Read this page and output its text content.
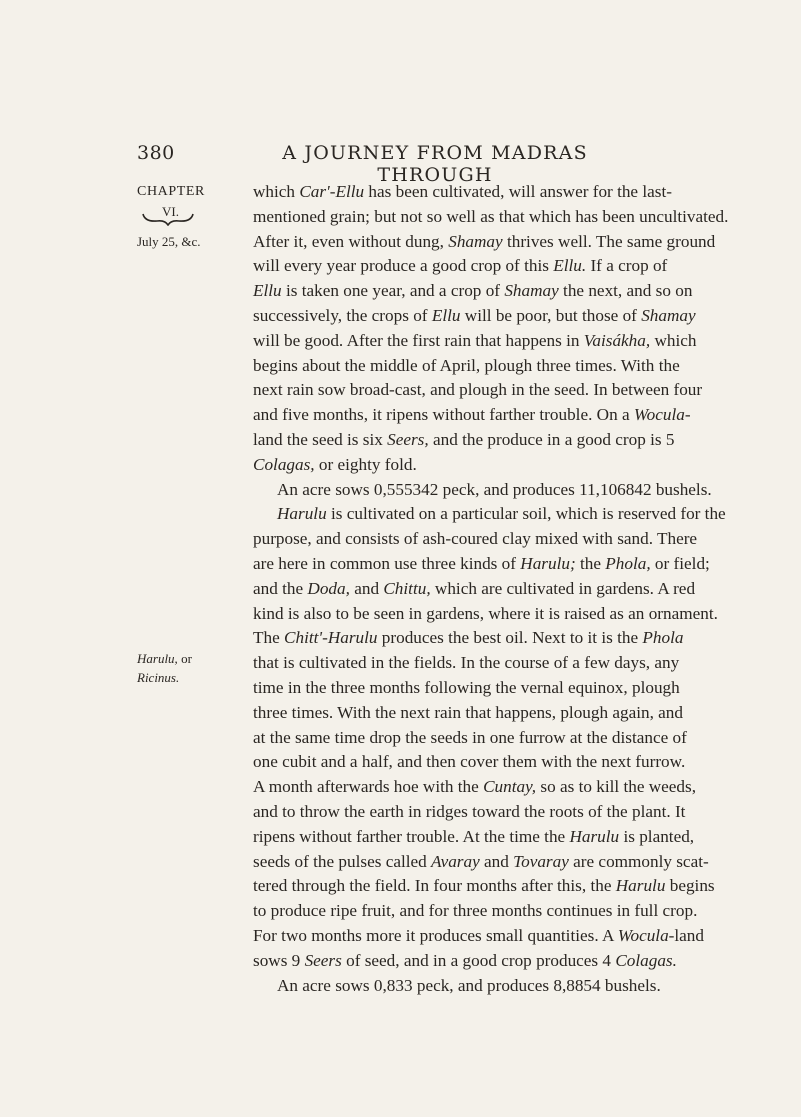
380	A JOURNEY FROM MADRAS THROUGH
CHAPTER
VI.
July 25, &c.
Harulu, or
Ricinus.
which Car'-Ellu has been cultivated, will answer for the last-
mentioned grain; but not so well as that which has been uncultivated.
After it, even without dung, Shamay thrives well. The same ground
will every year produce a good crop of this Ellu. If a crop of
Ellu is taken one year, and a crop of Shamay the next, and so on
successively, the crops of Ellu will be poor, but those of Shamay
will be good. After the first rain that happens in Vaisákha, which
begins about the middle of April, plough three times. With the
next rain sow broad-cast, and plough in the seed. In between four
and five months, it ripens without farther trouble. On a Wocula-
land the seed is six Seers, and the produce in a good crop is 5
Colagas, or eighty fold.
An acre sows 0,555342 peck, and produces 11,106842 bushels.
Harulu is cultivated on a particular soil, which is reserved for the
purpose, and consists of ash-coured clay mixed with sand. There
are here in common use three kinds of Harulu; the Phola, or field;
and the Doda, and Chittu, which are cultivated in gardens. A red
kind is also to be seen in gardens, where it is raised as an ornament.
The Chitt'-Harulu produces the best oil. Next to it is the Phola
that is cultivated in the fields. In the course of a few days, any
time in the three months following the vernal equinox, plough
three times. With the next rain that happens, plough again, and
at the same time drop the seeds in one furrow at the distance of
one cubit and a half, and then cover them with the next furrow.
A month afterwards hoe with the Cuntay, so as to kill the weeds,
and to throw the earth in ridges toward the roots of the plant. It
ripens without farther trouble. At the time the Harulu is planted,
seeds of the pulses called Avaray and Tovaray are commonly scat-
tered through the field. In four months after this, the Harulu begins
to produce ripe fruit, and for three months continues in full crop.
For two months more it produces small quantities. A Wocula-land
sows 9 Seers of seed, and in a good crop produces 4 Colagas.
An acre sows 0,833 peck, and produces 8,8854 bushels.
